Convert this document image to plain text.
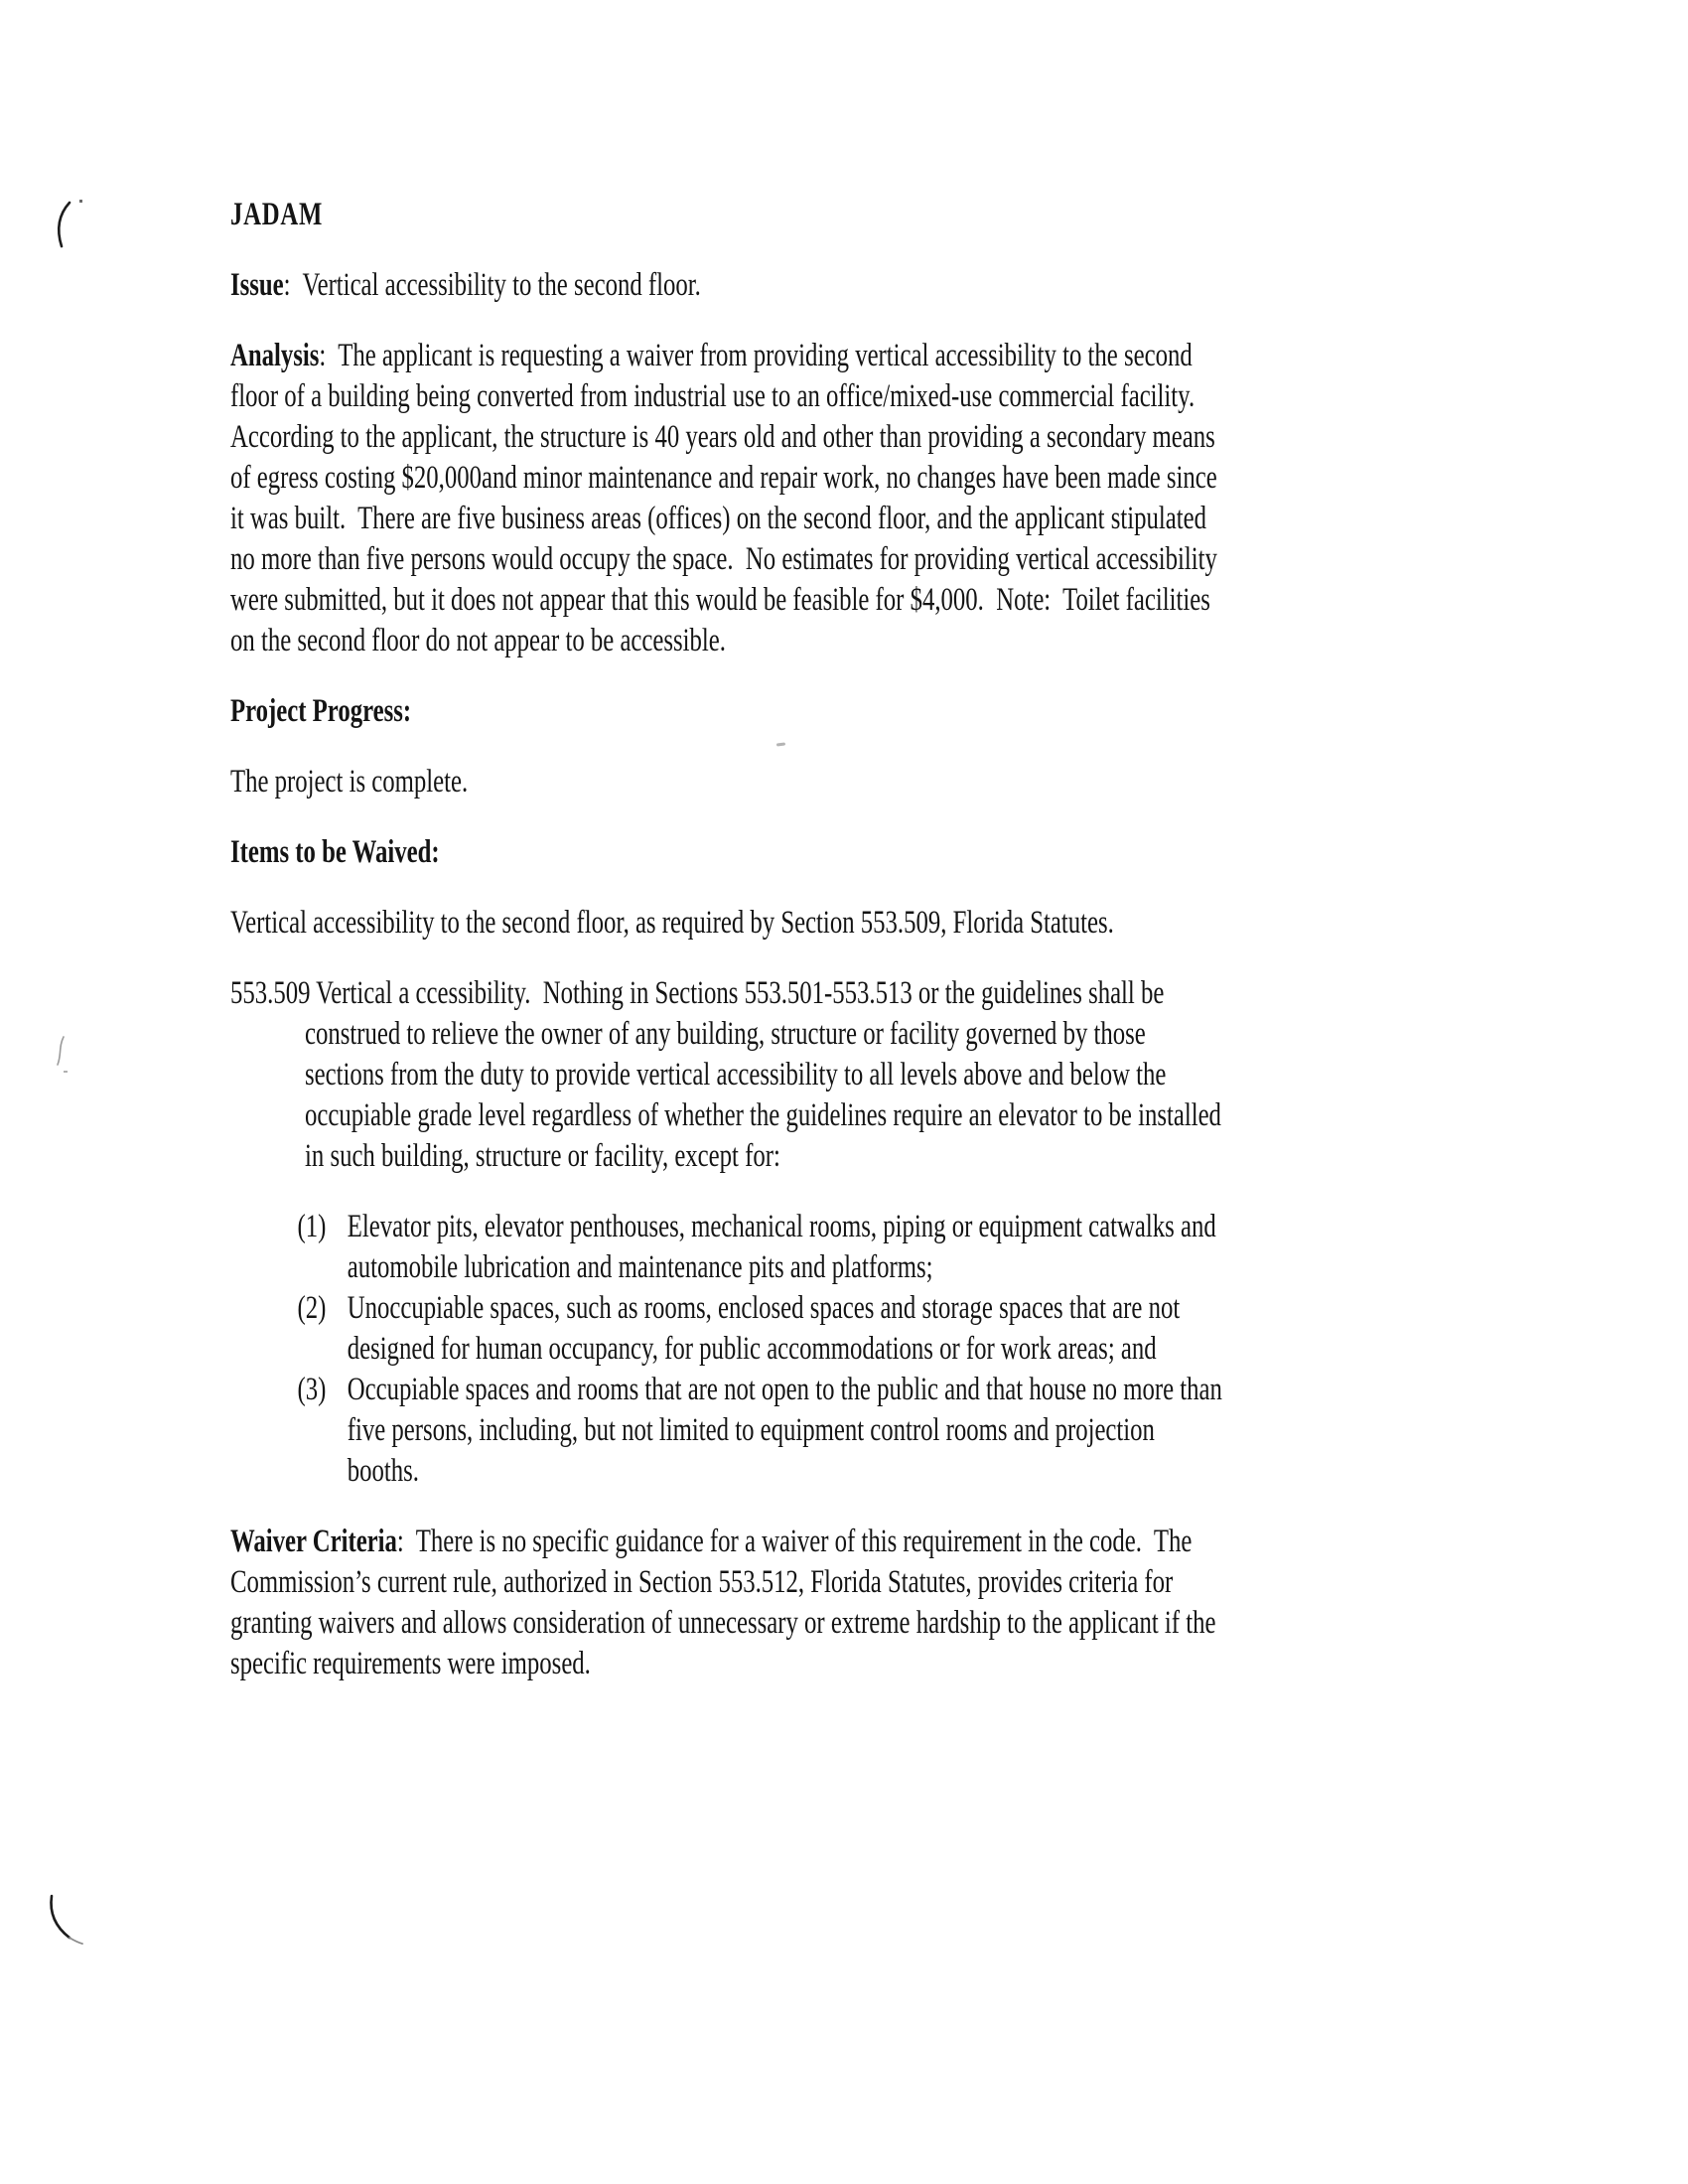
JADAM

Issue:  Vertical accessibility to the second floor.

Analysis:  The applicant is requesting a waiver from providing vertical accessibility to the second floor of a building being converted from industrial use to an office/mixed-use commercial facility.  According to the applicant, the structure is 40 years old and other than providing a secondary means of egress costing $20,000and minor maintenance and repair work, no changes have been made since it was built.  There are five business areas (offices) on the second floor, and the applicant stipulated no more than five persons would occupy the space.  No estimates for providing vertical accessibility were submitted, but it does not appear that this would be feasible for $4,000.  Note:  Toilet facilities on the second floor do not appear to be accessible.

Project Progress:

The project is complete.

Items to be Waived:

Vertical accessibility to the second floor, as required by Section 553.509, Florida Statutes.

553.509 Vertical a ccessibility.  Nothing in Sections 553.501-553.513 or the guidelines shall be construed to relieve the owner of any building, structure or facility governed by those sections from the duty to provide vertical accessibility to all levels above and below the occupiable grade level regardless of whether the guidelines require an elevator to be installed in such building, structure or facility, except for:

(1) Elevator pits, elevator penthouses, mechanical rooms, piping or equipment catwalks and automobile lubrication and maintenance pits and platforms;
(2) Unoccupiable spaces, such as rooms, enclosed spaces and storage spaces that are not designed for human occupancy, for public accommodations or for work areas; and
(3) Occupiable spaces and rooms that are not open to the public and that house no more than five persons, including, but not limited to equipment control rooms and projection booths.

Waiver Criteria:  There is no specific guidance for a waiver of this requirement in the code.  The Commission’s current rule, authorized in Section 553.512, Florida Statutes, provides criteria for granting waivers and allows consideration of unnecessary or extreme hardship to the applicant if the specific requirements were imposed.
